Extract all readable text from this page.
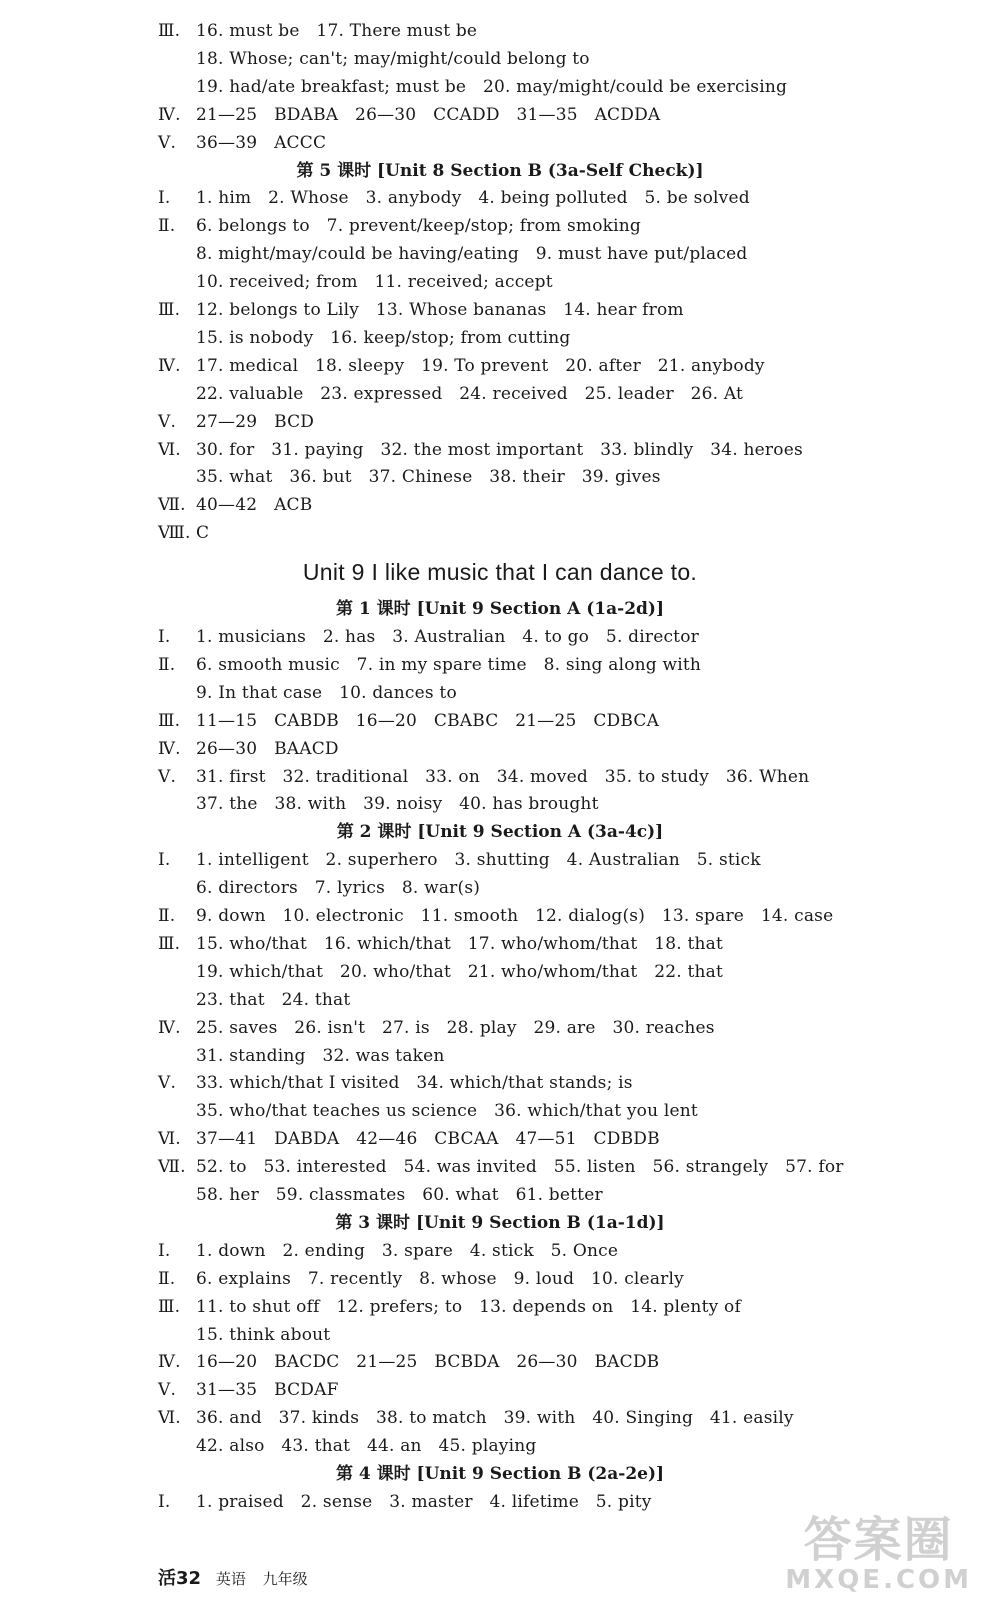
Ⅲ. 16. must be   17. There must be
18. Whose; can't; may/might/could belong to
19. had/ate breakfast; must be   20. may/might/could be exercising
Ⅳ. 21—25   BDABA   26—30   CCADD   31—35   ACDDA
Ⅴ. 36—39   ACCC
第 5 课时 [Unit 8 Section B (3a-Self Check)]
Ⅰ. 1. him   2. Whose   3. anybody   4. being polluted   5. be solved
Ⅱ. 6. belongs to   7. prevent/keep/stop; from smoking
8. might/may/could be having/eating   9. must have put/placed
10. received; from   11. received; accept
Ⅲ. 12. belongs to Lily   13. Whose bananas   14. hear from
15. is nobody   16. keep/stop; from cutting
Ⅳ. 17. medical   18. sleepy   19. To prevent   20. after   21. anybody
22. valuable   23. expressed   24. received   25. leader   26. At
Ⅴ. 27—29   BCD
Ⅵ. 30. for   31. paying   32. the most important   33. blindly   34. heroes
35. what   36. but   37. Chinese   38. their   39. gives
Ⅶ. 40—42   ACB
Ⅷ. C
Unit 9 I like music that I can dance to.
第 1 课时 [Unit 9 Section A (1a-2d)]
Ⅰ. 1. musicians   2. has   3. Australian   4. to go   5. director
Ⅱ. 6. smooth music   7. in my spare time   8. sing along with
9. In that case   10. dances to
Ⅲ. 11—15   CABDB   16—20   CBABC   21—25   CDBCA
Ⅳ. 26—30   BAACD
Ⅴ. 31. first   32. traditional   33. on   34. moved   35. to study   36. When
37. the   38. with   39. noisy   40. has brought
第 2 课时 [Unit 9 Section A (3a-4c)]
Ⅰ. 1. intelligent   2. superhero   3. shutting   4. Australian   5. stick
6. directors   7. lyrics   8. war(s)
Ⅱ. 9. down   10. electronic   11. smooth   12. dialog(s)   13. spare   14. case
Ⅲ. 15. who/that   16. which/that   17. who/whom/that   18. that
19. which/that   20. who/that   21. who/whom/that   22. that
23. that   24. that
Ⅳ. 25. saves   26. isn't   27. is   28. play   29. are   30. reaches
31. standing   32. was taken
Ⅴ. 33. which/that I visited   34. which/that stands; is
35. who/that teaches us science   36. which/that you lent
Ⅵ. 37—41   DABDA   42—46   CBCAA   47—51   CDBDB
Ⅶ. 52. to   53. interested   54. was invited   55. listen   56. strangely   57. for
58. her   59. classmates   60. what   61. better
第 3 课时 [Unit 9 Section B (1a-1d)]
Ⅰ. 1. down   2. ending   3. spare   4. stick   5. Once
Ⅱ. 6. explains   7. recently   8. whose   9. loud   10. clearly
Ⅲ. 11. to shut off   12. prefers; to   13. depends on   14. plenty of
15. think about
Ⅳ. 16—20   BACDC   21—25   BCBDA   26—30   BACDB
Ⅴ. 31—35   BCDAF
Ⅵ. 36. and   37. kinds   38. to match   39. with   40. Singing   41. easily
42. also   43. that   44. an   45. playing
第 4 课时 [Unit 9 Section B (2a-2e)]
Ⅰ. 1. praised   2. sense   3. master   4. lifetime   5. pity
活32 英语 九年级
答案圈
MXQE.COM
